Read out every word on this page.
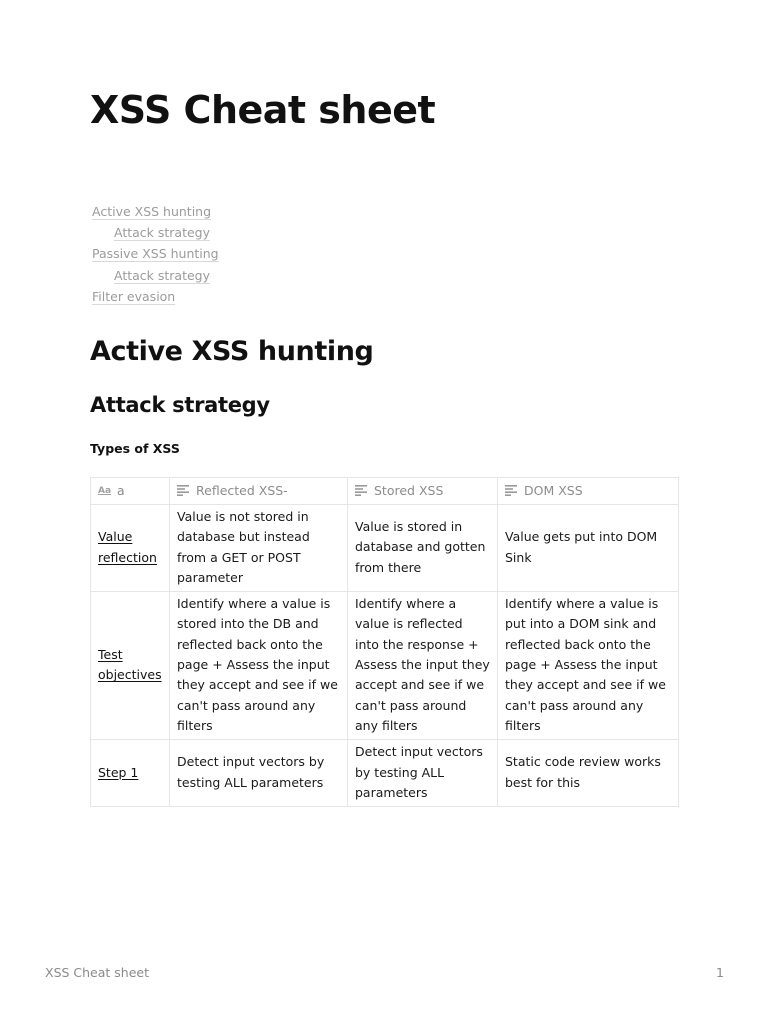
XSS Cheat sheet
Active XSS hunting
Attack strategy
Passive XSS hunting
Attack strategy
Filter evasion
Active XSS hunting
Attack strategy
Types of XSS
Aa a	Reflected XSS-	Stored XSS	DOM XSS
Value reflection	Value is not stored in database but instead from a GET or POST parameter	Value is stored in database and gotten from there	Value gets put into DOM Sink
Test objectives	Identify where a value is stored into the DB and reflected back onto the page + Assess the input they accept and see if we can't pass around any filters	Identify where a value is reflected into the response + Assess the input they accept and see if we can't pass around any filters	Identify where a value is put into a DOM sink and reflected back onto the page + Assess the input they accept and see if we can't pass around any filters
Step 1	Detect input vectors by testing ALL parameters	Detect input vectors by testing ALL parameters	Static code review works best for this
XSS Cheat sheet	1
